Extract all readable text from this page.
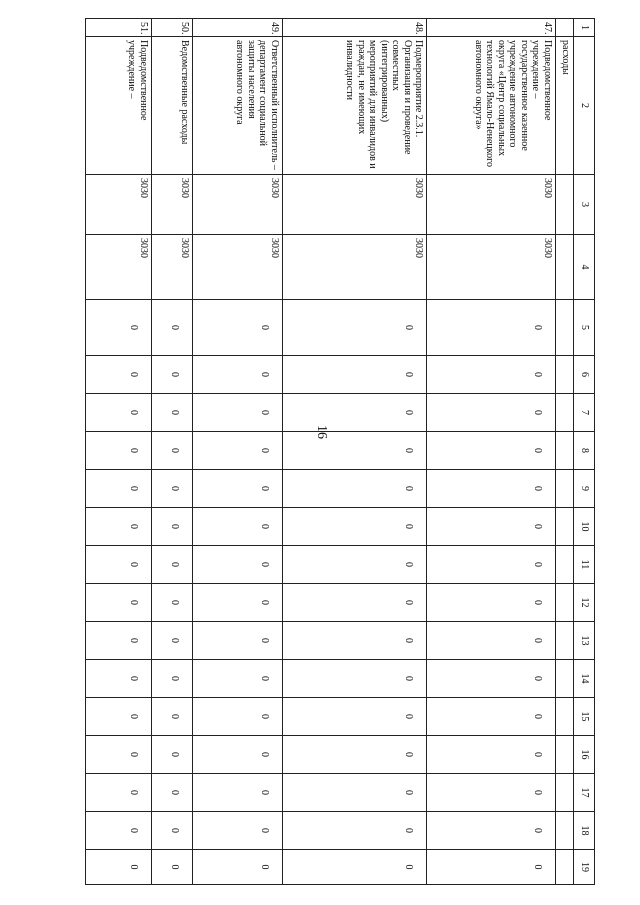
16
1	2	3	4	5	6	7	8	9	10	11	12	13	14	15	16	17	18	19
	расходы																	
47.	Подведомственное учреждение – государственное казенное учреждение автономного округа «Центр социальных технологий Ямало-Ненецкого автономного округа»	3030	3030	0	0	0	0	0	0	0	0	0	0	0	0	0	0	0
48.	Подмероприятие 2.3.1. Организация и проведение совместных (интегрированных) мероприятий для инвалидов и граждан, не имеющих инвалидности	3030	3030	0	0	0	0	0	0	0	0	0	0	0	0	0	0	0
49.	Ответственный исполнитель – департамент социальной защиты населения автономного округа	3030	3030	0	0	0	0	0	0	0	0	0	0	0	0	0	0	0
50.	Ведомственные расходы	3030	3030	0	0	0	0	0	0	0	0	0	0	0	0	0	0	0
51.	Подведомственное учреждение –	3030	3030	0	0	0	0	0	0	0	0	0	0	0	0	0	0	0
